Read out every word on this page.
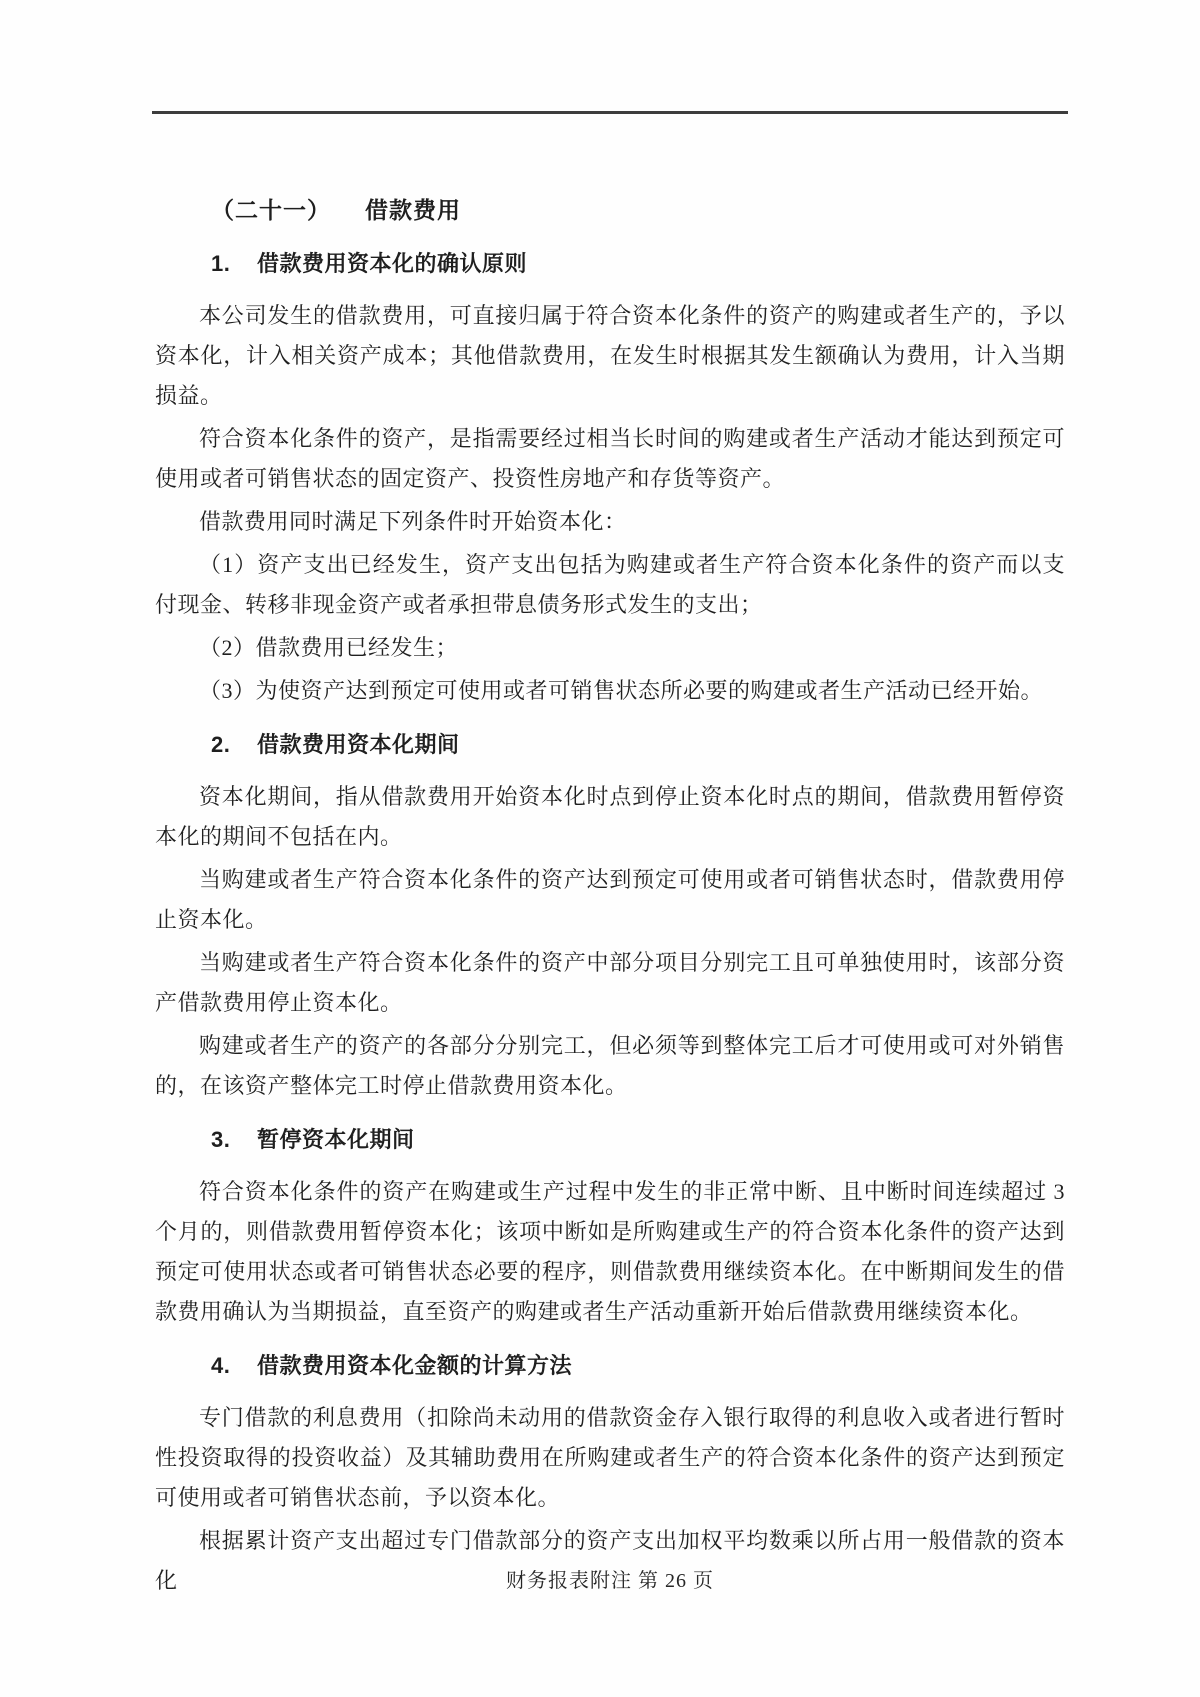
（二十一） 借款费用
1. 借款费用资本化的确认原则

本公司发生的借款费用，可直接归属于符合资本化条件的资产的购建或者生产的，予以资本化，计入相关资产成本；其他借款费用，在发生时根据其发生额确认为费用，计入当期损益。

符合资本化条件的资产，是指需要经过相当长时间的购建或者生产活动才能达到预定可使用或者可销售状态的固定资产、投资性房地产和存货等资产。

借款费用同时满足下列条件时开始资本化：

（1）资产支出已经发生，资产支出包括为购建或者生产符合资本化条件的资产而以支付现金、转移非现金资产或者承担带息债务形式发生的支出；

（2）借款费用已经发生；

（3）为使资产达到预定可使用或者可销售状态所必要的购建或者生产活动已经开始。

2. 借款费用资本化期间

资本化期间，指从借款费用开始资本化时点到停止资本化时点的期间，借款费用暂停资本化的期间不包括在内。

当购建或者生产符合资本化条件的资产达到预定可使用或者可销售状态时，借款费用停止资本化。

当购建或者生产符合资本化条件的资产中部分项目分别完工且可单独使用时，该部分资产借款费用停止资本化。

购建或者生产的资产的各部分分别完工，但必须等到整体完工后才可使用或可对外销售的，在该资产整体完工时停止借款费用资本化。

3. 暂停资本化期间

符合资本化条件的资产在购建或生产过程中发生的非正常中断、且中断时间连续超过 3 个月的，则借款费用暂停资本化；该项中断如是所购建或生产的符合资本化条件的资产达到预定可使用状态或者可销售状态必要的程序，则借款费用继续资本化。在中断期间发生的借款费用确认为当期损益，直至资产的购建或者生产活动重新开始后借款费用继续资本化。

4. 借款费用资本化金额的计算方法

专门借款的利息费用（扣除尚未动用的借款资金存入银行取得的利息收入或者进行暂时性投资取得的投资收益）及其辅助费用在所购建或者生产的符合资本化条件的资产达到预定可使用或者可销售状态前，予以资本化。

根据累计资产支出超过专门借款部分的资产支出加权平均数乘以所占用一般借款的资本化	财务报表附注 第 26 页
